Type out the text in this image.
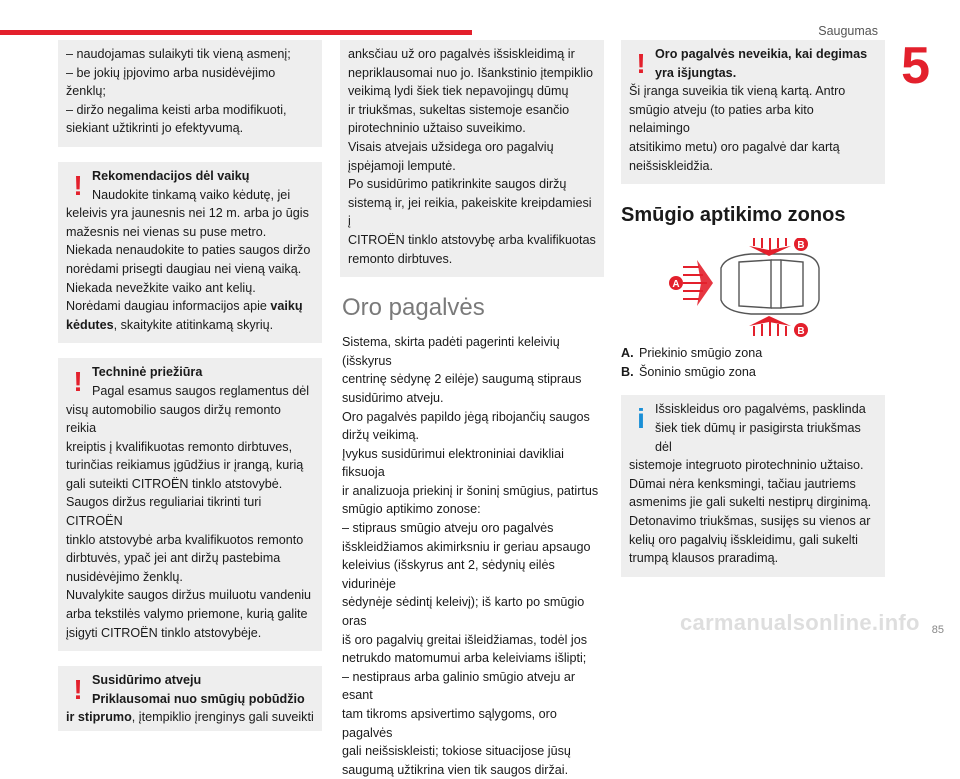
Saugumas
5

– naudojamas sulaikyti tik vieną asmenį;

– be jokių įpjovimo arba nusidėvėjimo ženklų;

– diržo negalima keisti arba modifikuoti,

siekiant užtikrinti jo efektyvumą.

! Rekomendacijos dėl vaikų

Naudokite tinkamą vaiko kėdutę, jei

keleivis yra jaunesnis nei 12 m. arba jo ūgis

mažesnis nei vienas su puse metro.

Niekada nenaudokite to paties saugos diržo

norėdami prisegti daugiau nei vieną vaiką.

Niekada nevežkite vaiko ant kelių.

Norėdami daugiau informacijos apie vaikų

kėdutes, skaitykite atitinkamą skyrių.

! Techninė priežiūra

Pagal esamus saugos reglamentus dėl

visų automobilio saugos diržų remonto reikia

kreiptis į kvalifikuotas remonto dirbtuves,

turinčias reikiamus įgūdžius ir įrangą, kurią

gali suteikti CITROËN tinklo atstovybė.

Saugos diržus reguliariai tikrinti turi CITROËN

tinklo atstovybė arba kvalifikuotos remonto

dirbtuvės, ypač jei ant diržų pastebima

nusidėvėjimo ženklų.

Nuvalykite saugos diržus muiluotu vandeniu

arba tekstilės valymo priemone, kurią galite

įsigyti CITROËN tinklo atstovybėje.

! Susidūrimo atveju

Priklausomai nuo smūgių pobūdžio

ir stiprumo, įtempiklio įrenginys gali suveikti

anksčiau už oro pagalvės išsiskleidimą ir

nepriklausomai nuo jo. Išankstinio įtempiklio

veikimą lydi šiek tiek nepavojingų dūmų

ir triukšmas, sukeltas sistemoje esančio

pirotechninio užtaiso suveikimo.

Visais atvejais užsidega oro pagalvių

įspėjamoji lemputė.

Po susidūrimo patikrinkite saugos diržų

sistemą ir, jei reikia, pakeiskite kreipdamiesi į

CITROËN tinklo atstovybę arba kvalifikuotas

remonto dirbtuves.

Oro pagalvės

Sistema, skirta padėti pagerinti keleivių (išskyrus

centrinę sėdynę 2 eilėje) saugumą stipraus

susidūrimo atveju.

Oro pagalvės papildo jėgą ribojančių saugos

diržų veikimą.

Įvykus susidūrimui elektroniniai davikliai fiksuoja

ir analizuoja priekinį ir šoninį smūgius, patirtus

smūgio aptikimo zonose:

– stipraus smūgio atveju oro pagalvės

išskleidžiamos akimirksniu ir geriau apsaugo

keleivius (išskyrus ant 2, sėdynių eilės vidurinėje

sėdynėje sėdintį keleivį); iš karto po smūgio oras

iš oro pagalvių greitai išleidžiamas, todėl jos

netrukdo matomumui arba keleiviams išlipti;

– nestipraus arba galinio smūgio atveju ar esant

tam tikroms apsivertimo sąlygoms, oro pagalvės

gali neišsiskleisti; tokiose situacijose jūsų

saugumą užtikrina vien tik saugos diržai.

! Oro pagalvės neveikia, kai degimas

yra išjungtas.

Ši įranga suveikia tik vieną kartą. Antro

smūgio atveju (to paties arba kito nelaimingo

atsitikimo metu) oro pagalvė dar kartą

neišsiskleidžia.

Smūgio aptikimo zonos
A
B
B
A. Priekinio smūgio zona
B. Šoninio smūgio zona
i Išsiskleidus oro pagalvėms, pasklinda

šiek tiek dūmų ir pasigirsta triukšmas dėl

sistemoje integruoto pirotechninio užtaiso.

Dūmai nėra kenksmingi, tačiau jautriems

asmenims jie gali sukelti nestiprų dirginimą.

Detonavimo triukšmas, susijęs su vienos ar

kelių oro pagalvių išskleidimu, gali sukelti

trumpą klausos praradimą.

carmanualsonline.info 85
